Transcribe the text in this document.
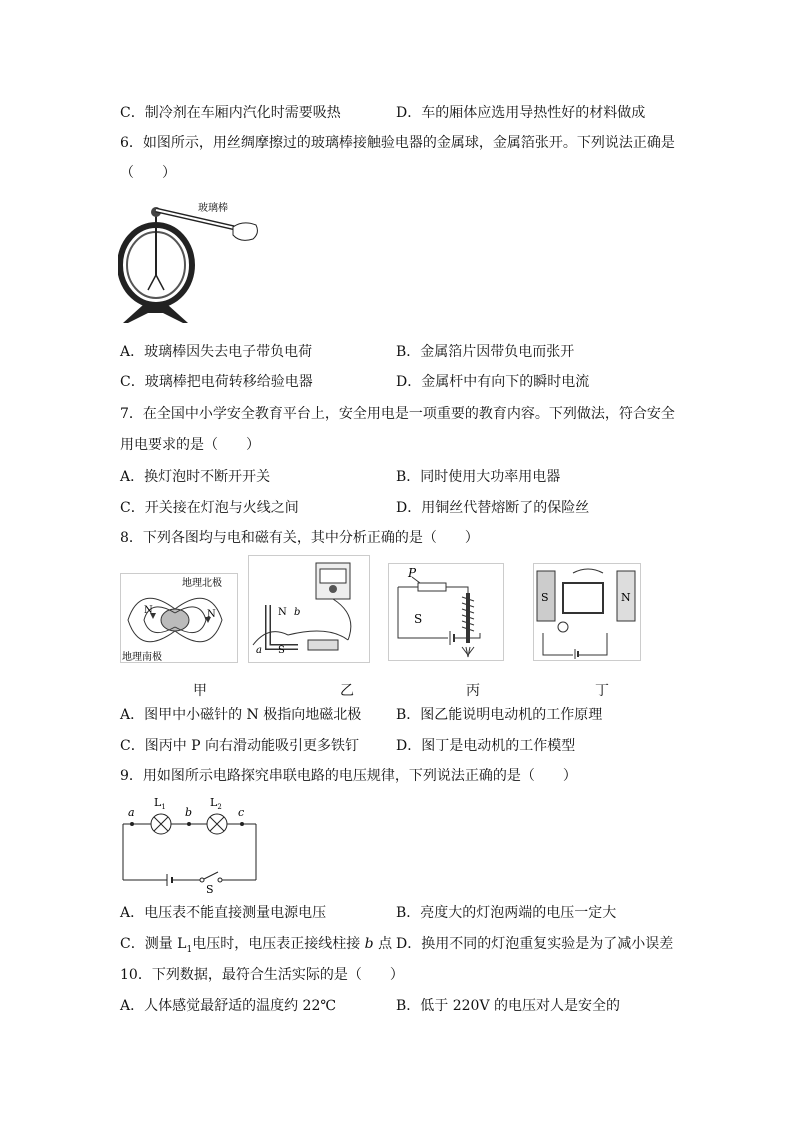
C．制冷剂在车厢内汽化时需要吸热	D．车的厢体应选用导热性好的材料做成
6．如图所示，用丝绸摩擦过的玻璃棒接触验电器的金属球，金属箔张开。下列说法正确是
（　　）
玻璃棒
A．玻璃棒因失去电子带负电荷	B．金属箔片因带负电而张开
C．玻璃棒把电荷转移给验电器	D．金属杆中有向下的瞬时电流
7．在全国中小学安全教育平台上，安全用电是一项重要的教育内容。下列做法，符合安全
用电要求的是（　　）
A．换灯泡时不断开开关	B．同时使用大功率用电器
C．开关接在灯泡与火线之间	D．用铜丝代替熔断了的保险丝
8．下列各图均与电和磁有关，其中分析正确的是（　　）
地理北极
地理南极
N	N	N b
a S
P
S
S	N
甲	乙	丙	丁
A．图甲中小磁针的 N 极指向地磁北极 B．图乙能说明电动机的工作原理
C．图丙中 P 向右滑动能吸引更多铁钉	D．图丁是电动机的工作模型
9．用如图所示电路探究串联电路的电压规律，下列说法正确的是（　　）
a	b	c
$L_1$	$L_2$
S
A．电压表不能直接测量电源电压	B．亮度大的灯泡两端的电压一定大
C．测量 $L_1$电压时，电压表正接线柱接 b 点 D．换用不同的灯泡重复实验是为了减小误差
10．下列数据，最符合生活实际的是（　　）
A．人体感觉最舒适的温度约 22℃	B．低于 220V 的电压对人是安全的
